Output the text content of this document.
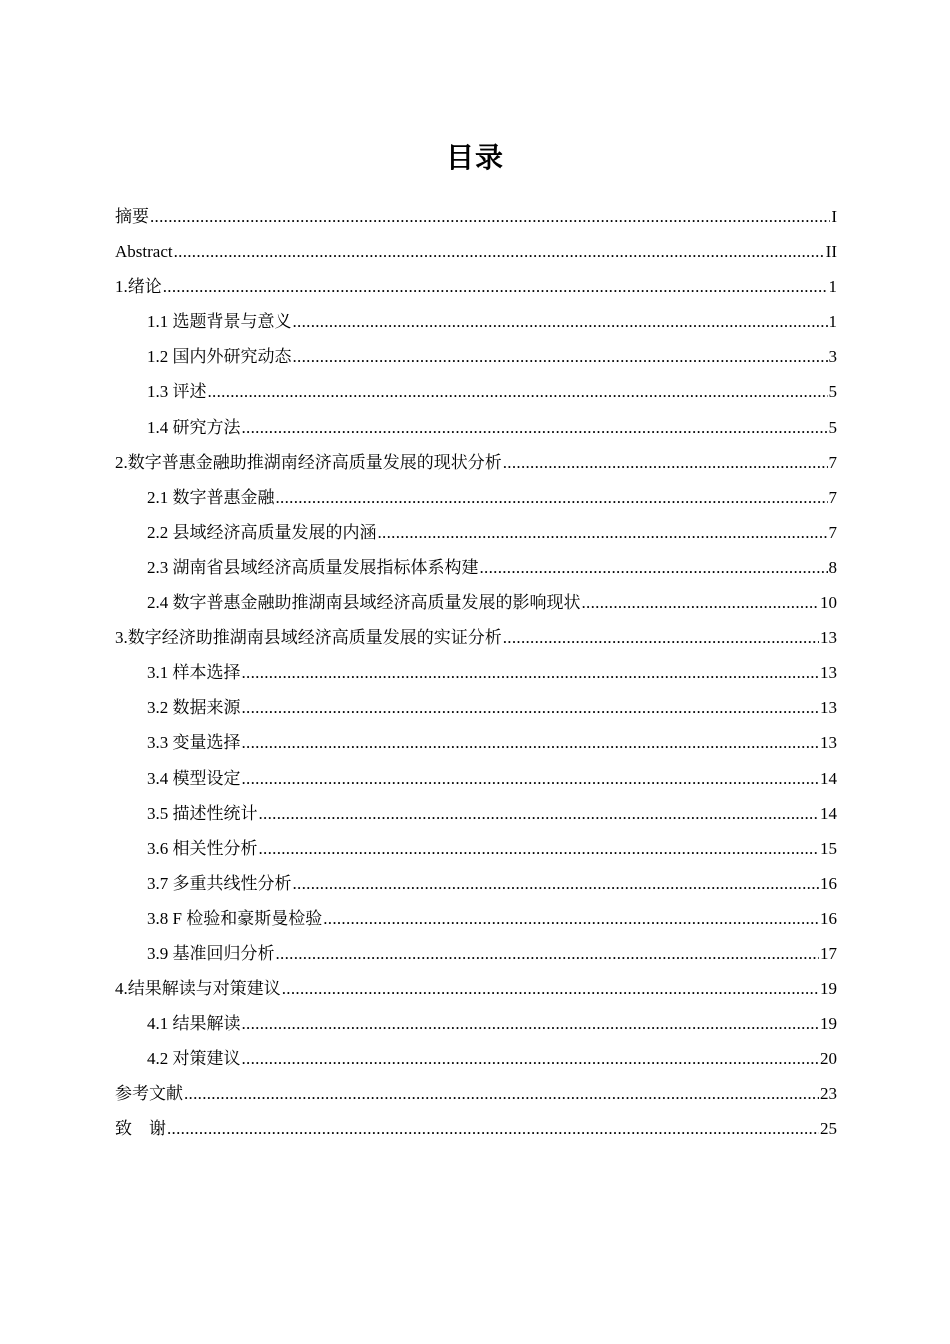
目录
摘要 .....	I
Abstract .....	II
1.绪论 .....	1
1.1 选题背景与意义 .....	1
1.2 国内外研究动态 .....	3
1.3 评述 .....	5
1.4 研究方法 .....	5
2.数字普惠金融助推湖南经济高质量发展的现状分析 .....	7
2.1 数字普惠金融 .....	7
2.2 县域经济高质量发展的内涵 .....	7
2.3 湖南省县域经济高质量发展指标体系构建 .....	8
2.4 数字普惠金融助推湖南县域经济高质量发展的影响现状 .....	10
3.数字经济助推湖南县域经济高质量发展的实证分析 .....	13
3.1 样本选择 .....	13
3.2 数据来源 .....	13
3.3 变量选择 .....	13
3.4 模型设定 .....	14
3.5 描述性统计 .....	14
3.6 相关性分析 .....	15
3.7 多重共线性分析 .....	16
3.8 F 检验和豪斯曼检验 .....	16
3.9 基准回归分析 .....	17
4.结果解读与对策建议 .....	19
4.1 结果解读 .....	19
4.2 对策建议 .....	20
参考文献 .....	23
致　谢 .....	25
